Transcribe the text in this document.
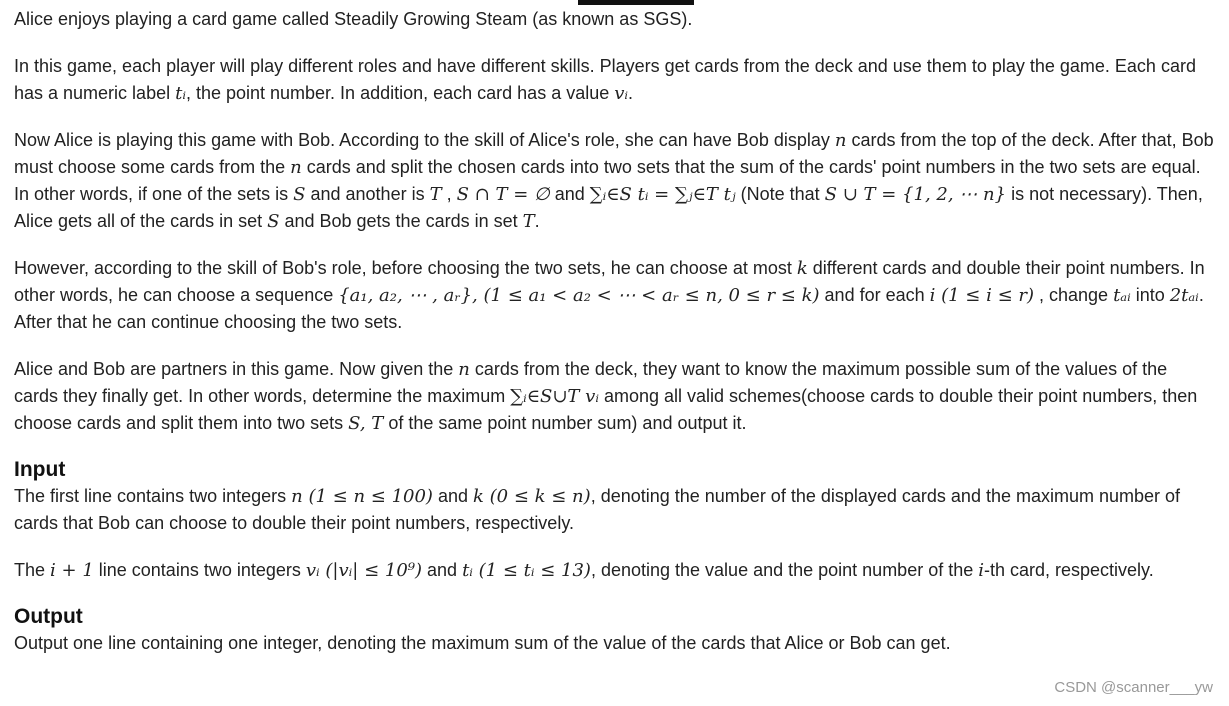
Alice enjoys playing a card game called Steadily Growing Steam (as known as SGS).

In this game, each player will play different roles and have different skills. Players get cards from the deck and use them to play the game. Each card has a numeric label tᵢ, the point number. In addition, each card has a value vᵢ.

Now Alice is playing this game with Bob. According to the skill of Alice's role, she can have Bob display n cards from the top of the deck. After that, Bob must choose some cards from the n cards and split the chosen cards into two sets that the sum of the cards' point numbers in the two sets are equal. In other words, if one of the sets is S and another is T , S ∩ T = ∅ and ∑ᵢ∈S tᵢ = ∑ⱼ∈T tⱼ (Note that S ∪ T = {1, 2, ⋯ n} is not necessary). Then, Alice gets all of the cards in set S and Bob gets the cards in set T.

However, according to the skill of Bob's role, before choosing the two sets, he can choose at most k different cards and double their point numbers. In other words, he can choose a sequence {a₁, a₂, ⋯ , aᵣ}, (1 ≤ a₁ < a₂ < ⋯ < aᵣ ≤ n, 0 ≤ r ≤ k) and for each i (1 ≤ i ≤ r) , change tₐᵢ into 2tₐᵢ. After that he can continue choosing the two sets.

Alice and Bob are partners in this game. Now given the n cards from the deck, they want to know the maximum possible sum of the values of the cards they finally get. In other words, determine the maximum ∑ᵢ∈S∪T vᵢ among all valid schemes(choose cards to double their point numbers, then choose cards and split them into two sets S, T of the same point number sum) and output it.

Input

The first line contains two integers n (1 ≤ n ≤ 100) and k (0 ≤ k ≤ n), denoting the number of the displayed cards and the maximum number of cards that Bob can choose to double their point numbers, respectively.

The i + 1 line contains two integers vᵢ (|vᵢ| ≤ 10⁹) and tᵢ (1 ≤ tᵢ ≤ 13), denoting the value and the point number of the i-th card, respectively.

Output

Output one line containing one integer, denoting the maximum sum of the value of the cards that Alice or Bob can get.

CSDN @scanner___yw
